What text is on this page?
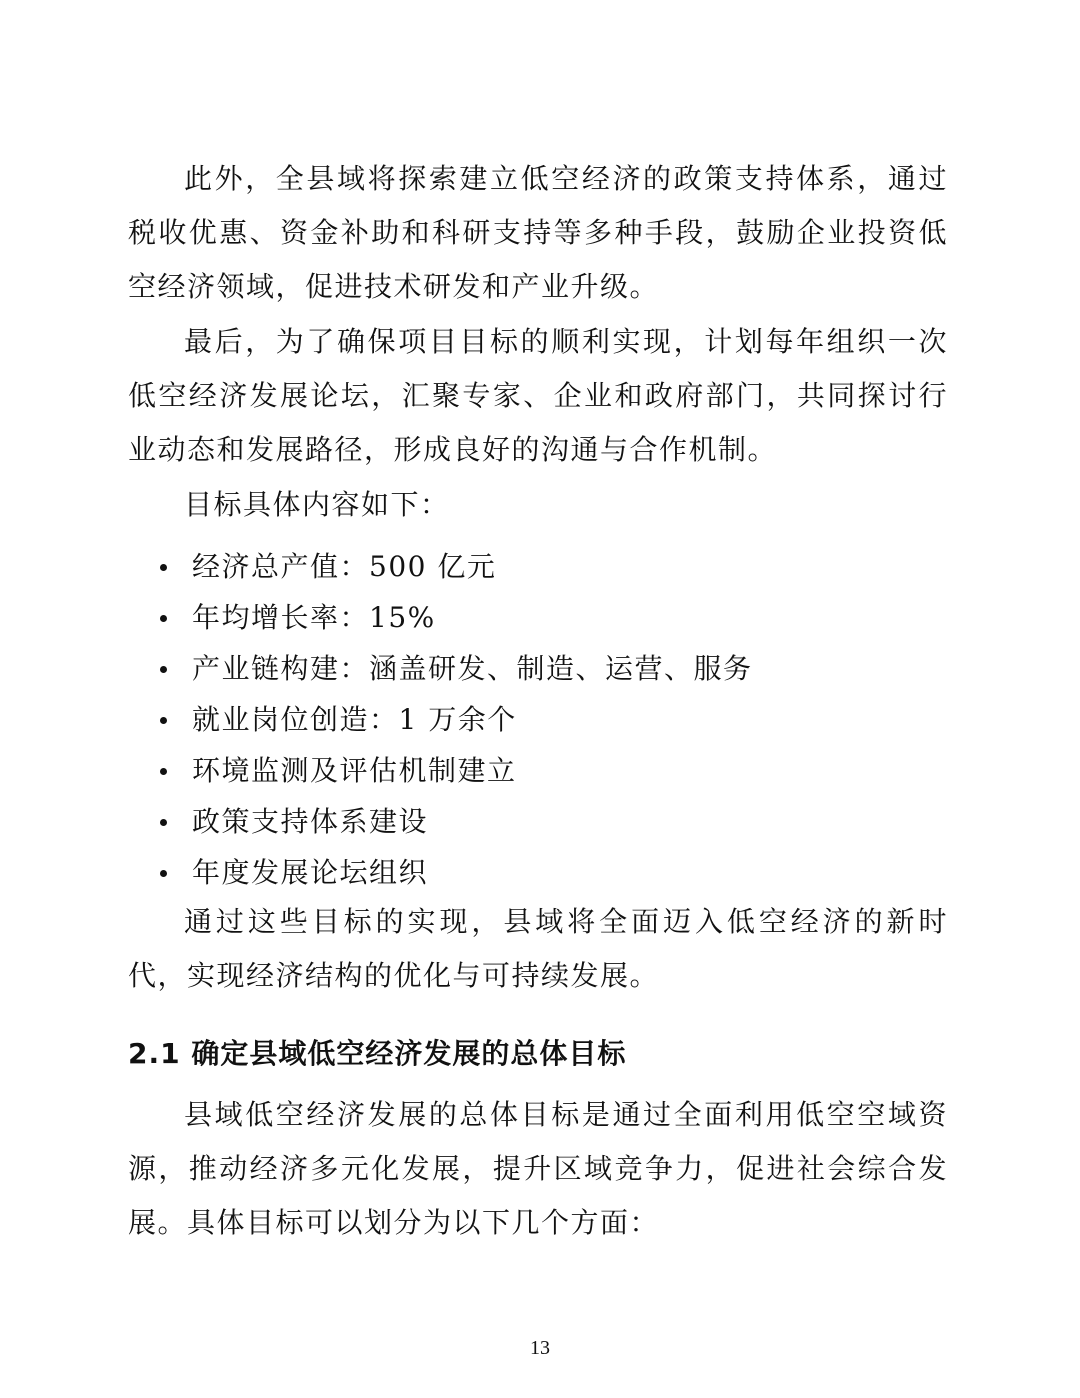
此外，全县域将探索建立低空经济的政策支持体系，通过税收优惠、资金补助和科研支持等多种手段，鼓励企业投资低空经济领域，促进技术研发和产业升级。

最后，为了确保项目目标的顺利实现，计划每年组织一次低空经济发展论坛，汇聚专家、企业和政府部门，共同探讨行业动态和发展路径，形成良好的沟通与合作机制。

目标具体内容如下：

经济总产值：500 亿元
年均增长率：15%
产业链构建：涵盖研发、制造、运营、服务
就业岗位创造：1 万余个
环境监测及评估机制建立
政策支持体系建设
年度发展论坛组织

通过这些目标的实现，县域将全面迈入低空经济的新时代，实现经济结构的优化与可持续发展。

2.1 确定县域低空经济发展的总体目标

县域低空经济发展的总体目标是通过全面利用低空空域资源，推动经济多元化发展，提升区域竞争力，促进社会综合发展。具体目标可以划分为以下几个方面：

13
